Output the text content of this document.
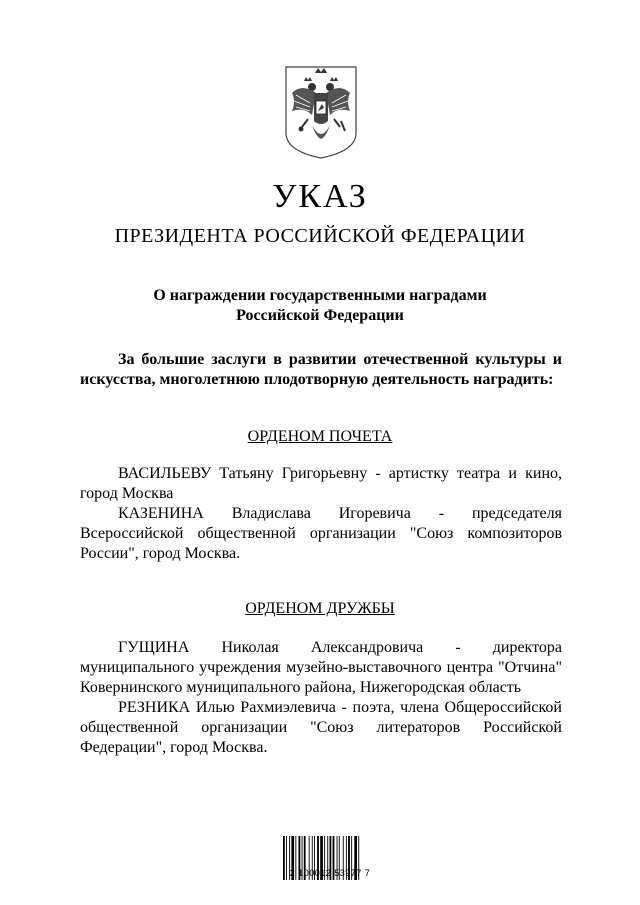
УКАЗ
ПРЕЗИДЕНТА РОССИЙСКОЙ ФЕДЕРАЦИИ
О награждении государственными наградами
Российской Федерации
За большие заслуги в развитии отечественной культуры и искусства, многолетнюю плодотворную деятельность наградить:
ОРДЕНОМ ПОЧЕТА
ВАСИЛЬЕВУ Татьяну Григорьевну - артистку театра и кино, город Москва
КАЗЕНИНА Владислава Игоревича - председателя Всероссийской общественной организации "Союз композиторов России", город Москва.
ОРДЕНОМ ДРУЖБЫ
ГУЩИНА Николая Александровича - директора муниципального учреждения музейно-выставочного центра "Отчина" Ковернинского муниципального района, Нижегородская область
РЕЗНИКА Илью Рахмиэлевича - поэта, члена Общероссийской общественной организации "Союз литераторов Российской Федерации", город Москва.
2 100012 53977 7
